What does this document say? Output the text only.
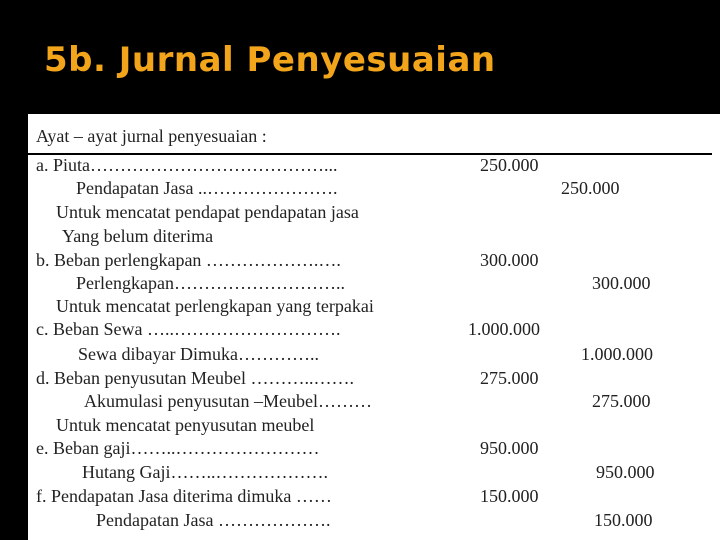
5b. Jurnal Penyesuaian
Ayat – ayat jurnal penyesuaian :
a. Piuta…………………………………...	250.000
Pendapatan Jasa ..………………….	250.000
Untuk mencatat pendapat pendapatan jasa
Yang belum diterima
b. Beban perlengkapan ……………….….	300.000
Perlengkapan………………………..	300.000
Untuk mencatat perlengkapan yang terpakai
c. Beban Sewa …..……………………….	1.000.000
Sewa dibayar Dimuka…………..	1.000.000
d. Beban penyusutan Meubel ………..…….	275.000
Akumulasi penyusutan –Meubel………	275.000
Untuk mencatat penyusutan meubel
e. Beban gaji……..……………………	950.000
Hutang Gaji……..……………….	950.000
f. Pendapatan Jasa diterima dimuka ……	150.000
Pendapatan Jasa ……………….	150.000
